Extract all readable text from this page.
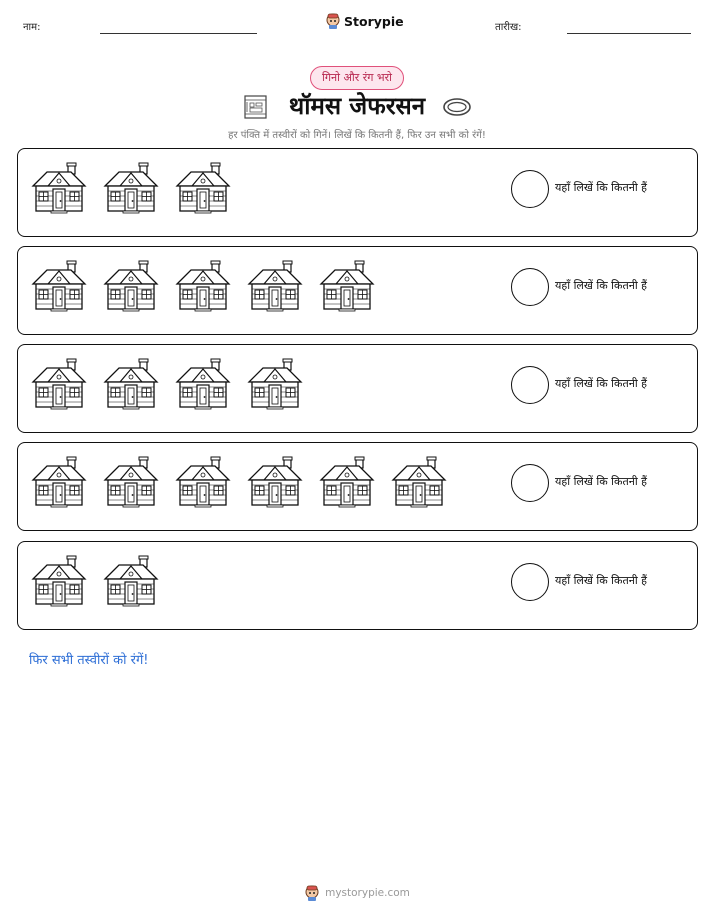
नाम:	Storypie	तारीख:
गिनो और रंग भरो
थॉमस जेफरसन
हर पंक्ति में तस्वीरों को गिनें। लिखें कि कितनी हैं, फिर उन सभी को रंगें!
यहाँ लिखें कि कितनी हैं
यहाँ लिखें कि कितनी हैं
यहाँ लिखें कि कितनी हैं
यहाँ लिखें कि कितनी हैं
यहाँ लिखें कि कितनी हैं
फिर सभी तस्वीरों को रंगें!
mystorypie.com
